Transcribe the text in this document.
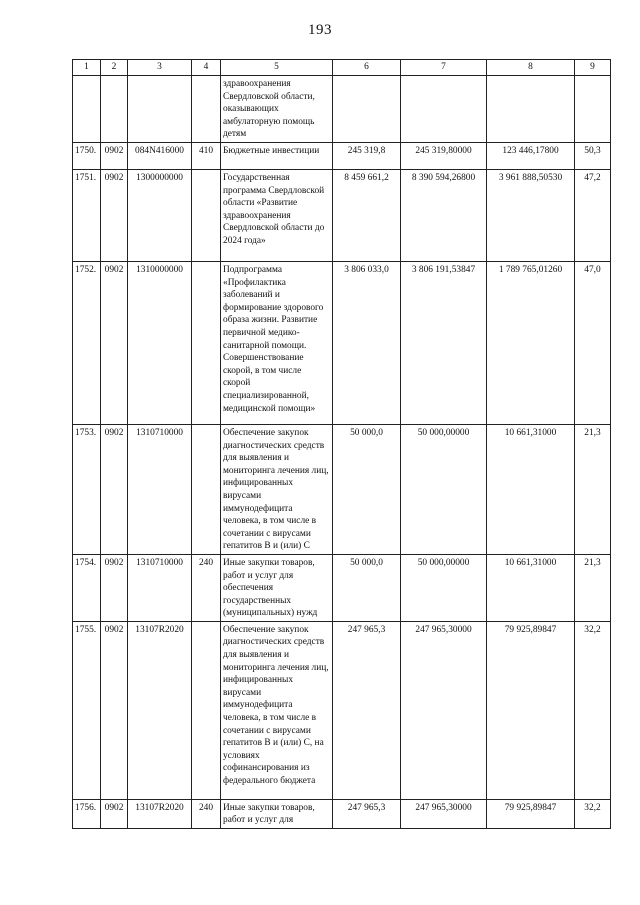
193
1	2	3	4	5	6	7	8	9
				здравоохранения Свердловской области, оказывающих амбулаторную помощь детям				
1750.	0902	084N416000	410	Бюджетные инвестиции	245 319,8	245 319,80000	123 446,17800	50,3
1751.	0902	1300000000		Государственная программа Свердловской области «Развитие здравоохранения Свердловской области до 2024 года»	8 459 661,2	8 390 594,26800	3 961 888,50530	47,2
1752.	0902	1310000000		Подпрограмма «Профилактика заболеваний и формирование здорового образа жизни. Развитие первичной медико-санитарной помощи. Совершенствование скорой, в том числе скорой специализированной, медицинской помощи»	3 806 033,0	3 806 191,53847	1 789 765,01260	47,0
1753.	0902	1310710000		Обеспечение закупок диагностических средств для выявления и мониторинга лечения лиц, инфицированных вирусами иммунодефицита человека, в том числе в сочетании с вирусами гепатитов B и (или) C	50 000,0	50 000,00000	10 661,31000	21,3
1754.	0902	1310710000	240	Иные закупки товаров, работ и услуг для обеспечения государственных (муниципальных) нужд	50 000,0	50 000,00000	10 661,31000	21,3
1755.	0902	13107R2020		Обеспечение закупок диагностических средств для выявления и мониторинга лечения лиц, инфицированных вирусами иммунодефицита человека, в том числе в сочетании с вирусами гепатитов B и (или) C, на условиях софинансирования из федерального бюджета	247 965,3	247 965,30000	79 925,89847	32,2
1756.	0902	13107R2020	240	Иные закупки товаров, работ и услуг для	247 965,3	247 965,30000	79 925,89847	32,2
